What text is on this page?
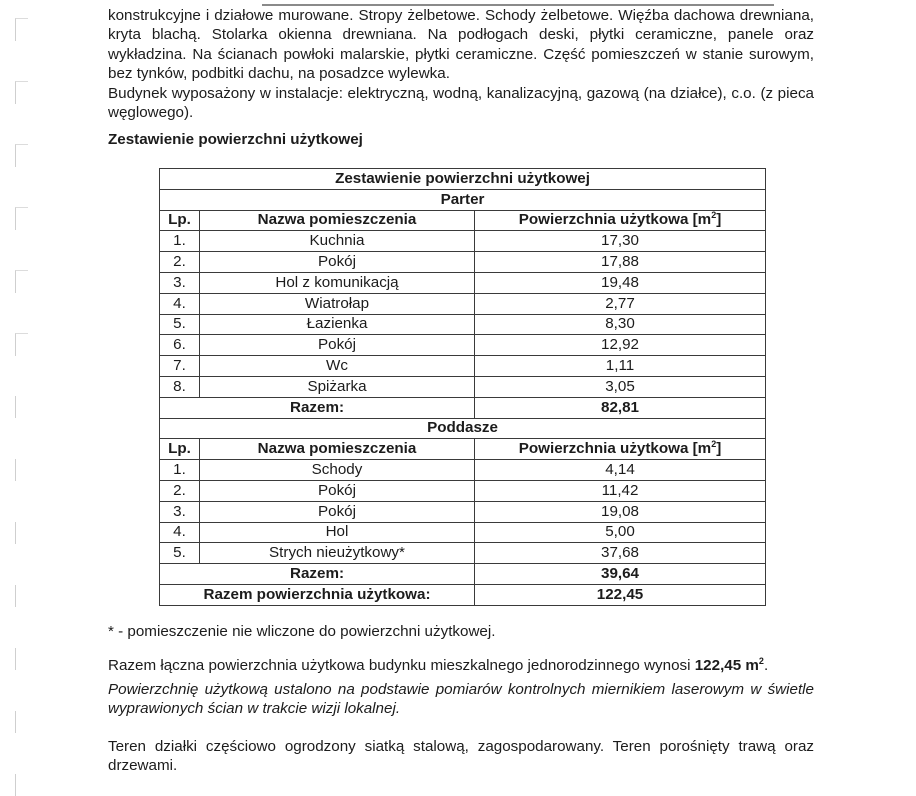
konstrukcyjne i działowe murowane. Stropy żelbetowe. Schody żelbetowe. Więźba dachowa drewniana, kryta blachą. Stolarka okienna drewniana. Na podłogach deski, płytki ceramiczne, panele oraz wykładzina. Na ścianach powłoki malarskie, płytki ceramiczne. Część pomieszczeń w stanie surowym, bez tynków, podbitki dachu, na posadzce wylewka.
Budynek wyposażony w instalacje: elektryczną, wodną, kanalizacyjną, gazową (na działce), c.o. (z pieca węglowego).
Zestawienie powierzchni użytkowej
Zestawienie powierzchni użytkowej		
Parter		
Lp.	Nazwa pomieszczenia	Powierzchnia użytkowa $[m^2]$
1.	Kuchnia	17,30
2.	Pokój	17,88
3.	Hol z komunikacją	19,48
4.	Wiatrołap	2,77
5.	Łazienka	8,30
6.	Pokój	12,92
7.	Wc	1,11
8.	Spiżarka	3,05
Razem:		82,81
Poddasze		
Lp.	Nazwa pomieszczenia	Powierzchnia użytkowa $[m^2]$
1.	Schody	4,14
2.	Pokój	11,42
3.	Pokój	19,08
4.	Hol	5,00
5.	Strych nieużytkowy*	37,68
Razem:		39,64
Razem powierzchnia użytkowa:		122,45
* - pomieszczenie nie wliczone do powierzchni użytkowej.
Razem łączna powierzchnia użytkowa budynku mieszkalnego jednorodzinnego wynosi 122,45 $m^2$.
Powierzchnię użytkową ustalono na podstawie pomiarów kontrolnych miernikiem laserowym w świetle wyprawionych ścian w trakcie wizji lokalnej.
Teren działki częściowo ogrodzony siatką stalową, zagospodarowany. Teren porośnięty trawą oraz drzewami.
